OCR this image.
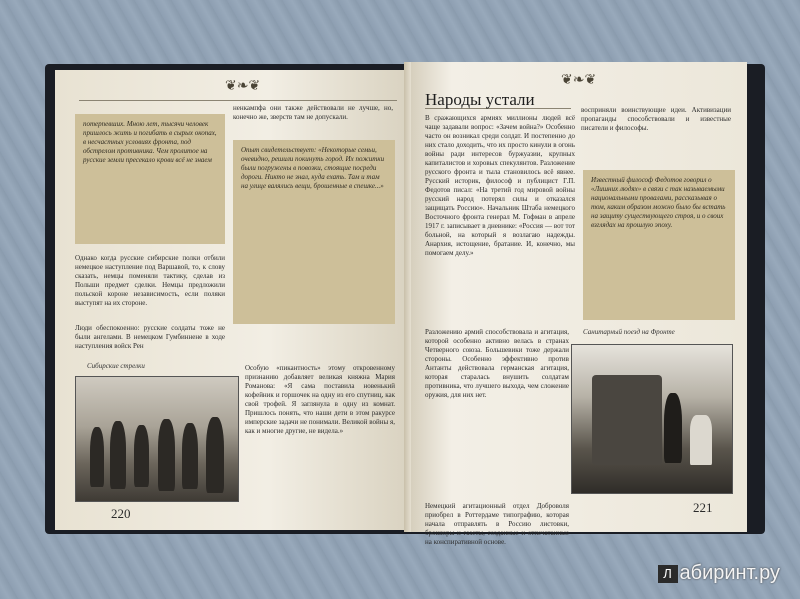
❦❧❦
потерпевших. Мною лет, тысячи человек пришлось жить и погибать в сырых окопах, в несчастных условиях фронта, под обстрелом противника. Чем пролитое на русские земли пресекало крови всё не знаем
ненкампфа они также действовали не лучше, но, конечно же, зверств там не допускали.
Опыт свидетельствует: «Некоторые семьи, очевидно, решили покинуть город. Их пожитки были погружены в повозки, стоящие посреди дороги. Никто не знал, куда ехать. Там и там на улице валялись вещи, брошенные в спешке...»
Однако когда русские сибирские полки отбили немецкое наступление под Варшавой, то, к слову сказать, немцы поменяли тактику, сделав из Польши предмет сделки. Немцы предложили польской короне независимость, если поляки выступят на их стороне.
Люди обеспокоенно: русские солдаты тоже не были ангелами. В немецком Гумбиннене в ходе наступления войск Рен
Сибирские стрелки	Особую «пикантность» этому откровенному признанию добавляет великая княжна Мария Романова: «Я сама поставила новенький кофейник и горшочек на одну из его спутниц, как свой трофей. Я заглянула в одну из комнат. Пришлось понять, что наши дети в этом ракурсе имперские задачи не понимали. Великой войны я, как и многие другие, не видела.»
220
❦❧❦
Народы устали
В сражающихся армиях миллионы людей всё чаще задавали вопрос: «Зачем война?» Особенно часто он возникал среди солдат. И постепенно до них стало доходить, что их просто кинули в огонь войны ради интересов буржуазии, крупных капиталистов и хоровых спекулянтов. Разложение русского фронта и тыла становилось всё явнее. Русский историк, философ и публицист Г.П. Федотов писал: «На третий год мировой войны русский народ потерял силы и отказался защищать Россию». Начальник Штаба немецкого Восточного фронта генерал М. Гофман в апреле 1917 г. записывает в дневнике: «Россия — вот тот больной, на который я возлагаю надежды. Анархия, истощение, братание. И, конечно, мы помогаем делу.»
восприняли воинствующие идеи. Активизации пропаганды способствовали и известные писатели и философы.
Известный философ Федотов говорил о «Лишних людях» в связи с так называемыми национальными провалами, рассказывая о том, каким образом можно было бы встать на защиту существующего строя, и о своих взглядах на прошлую эпоху.
Разложению армий способствовала и агитация, которой особенно активно велась в странах Четверного союза. Большевики тоже держали стороны. Особенно эффективно против Антанты действовала германская агитация, которая старалась внушить солдатам противника, что лучшего выхода, чем сложение оружия, для них нет.
Санитарный поезд на Фронте
Немецкий агитационный отдел Доброволя приобрел в Роттердаме типографию, которая начала отправлять в Россию листовки, брошюры и газеты, созданные и отпечатанные на конспиративной основе.
221
Л абиринт.ру
